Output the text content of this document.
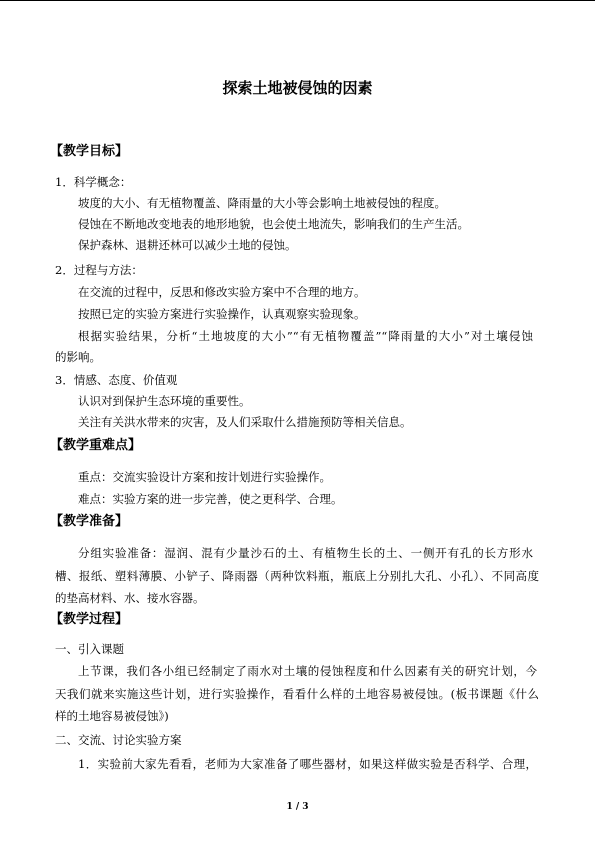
探索土地被侵蚀的因素
【教学目标】
1．科学概念：
坡度的大小、有无植物覆盖、降雨量的大小等会影响土地被侵蚀的程度。
侵蚀在不断地改变地表的地形地貌，也会使土地流失，影响我们的生产生活。
保护森林、退耕还林可以减少土地的侵蚀。
2．过程与方法：
在交流的过程中，反思和修改实验方案中不合理的地方。
按照已定的实验方案进行实验操作，认真观察实验现象。
根据实验结果，分析“土地坡度的大小”“有无植物覆盖”“降雨量的大小”对土壤侵蚀
的影响。
3．情感、态度、价值观
认识对到保护生态环境的重要性。
关注有关洪水带来的灾害，及人们采取什么措施预防等相关信息。
【教学重难点】
重点：交流实验设计方案和按计划进行实验操作。
难点：实验方案的进一步完善，使之更科学、合理。
【教学准备】
分组实验准备：湿润、混有少量沙石的土、有植物生长的土、一侧开有孔的长方形水
槽、报纸、塑料薄膜、小铲子、降雨器（两种饮料瓶，瓶底上分别扎大孔、小孔）、不同高度
的垫高材料、水、接水容器。
【教学过程】
一、引入课题
上节课，我们各小组已经制定了雨水对土壤的侵蚀程度和什么因素有关的研究计划，今
天我们就来实施这些计划，进行实验操作，看看什么样的土地容易被侵蚀。(板书课题《什么
样的土地容易被侵蚀》)
二、交流、讨论实验方案
1．实验前大家先看看，老师为大家准备了哪些器材，如果这样做实验是否科学、合理，
1 / 3
